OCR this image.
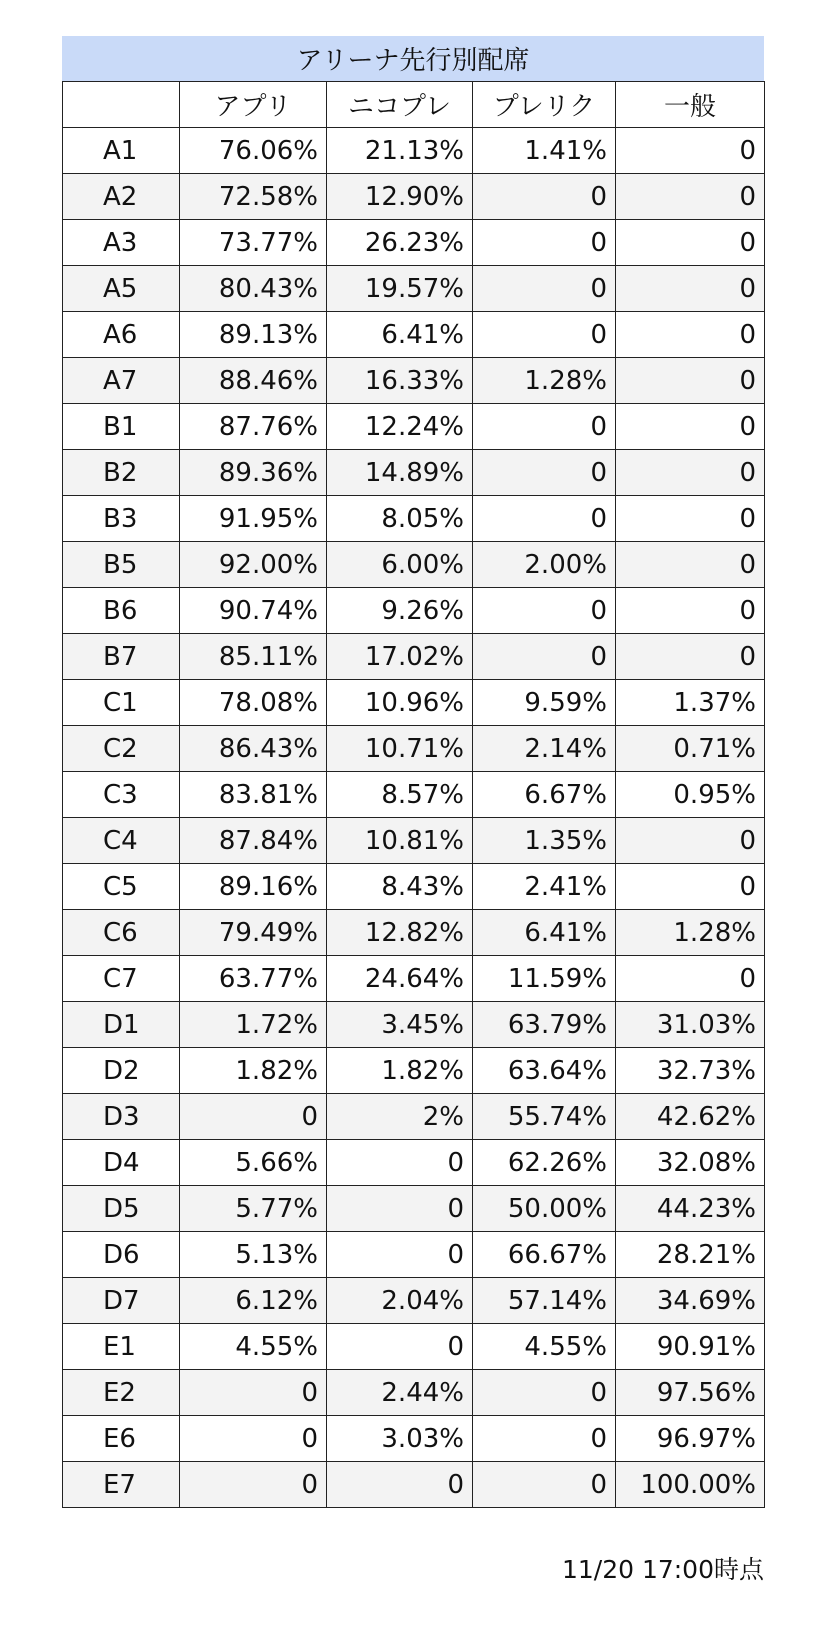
アリーナ先行別配席
	アプリ	ニコプレ	プレリク	一般
A1	76.06%	21.13%	1.41%	0
A2	72.58%	12.90%	0	0
A3	73.77%	26.23%	0	0
A5	80.43%	19.57%	0	0
A6	89.13%	6.41%	0	0
A7	88.46%	16.33%	1.28%	0
B1	87.76%	12.24%	0	0
B2	89.36%	14.89%	0	0
B3	91.95%	8.05%	0	0
B5	92.00%	6.00%	2.00%	0
B6	90.74%	9.26%	0	0
B7	85.11%	17.02%	0	0
C1	78.08%	10.96%	9.59%	1.37%
C2	86.43%	10.71%	2.14%	0.71%
C3	83.81%	8.57%	6.67%	0.95%
C4	87.84%	10.81%	1.35%	0
C5	89.16%	8.43%	2.41%	0
C6	79.49%	12.82%	6.41%	1.28%
C7	63.77%	24.64%	11.59%	0
D1	1.72%	3.45%	63.79%	31.03%
D2	1.82%	1.82%	63.64%	32.73%
D3	0	2%	55.74%	42.62%
D4	5.66%	0	62.26%	32.08%
D5	5.77%	0	50.00%	44.23%
D6	5.13%	0	66.67%	28.21%
D7	6.12%	2.04%	57.14%	34.69%
E1	4.55%	0	4.55%	90.91%
E2	0	2.44%	0	97.56%
E6	0	3.03%	0	96.97%
E7	0	0	0	100.00%
11/20 17:00時点
